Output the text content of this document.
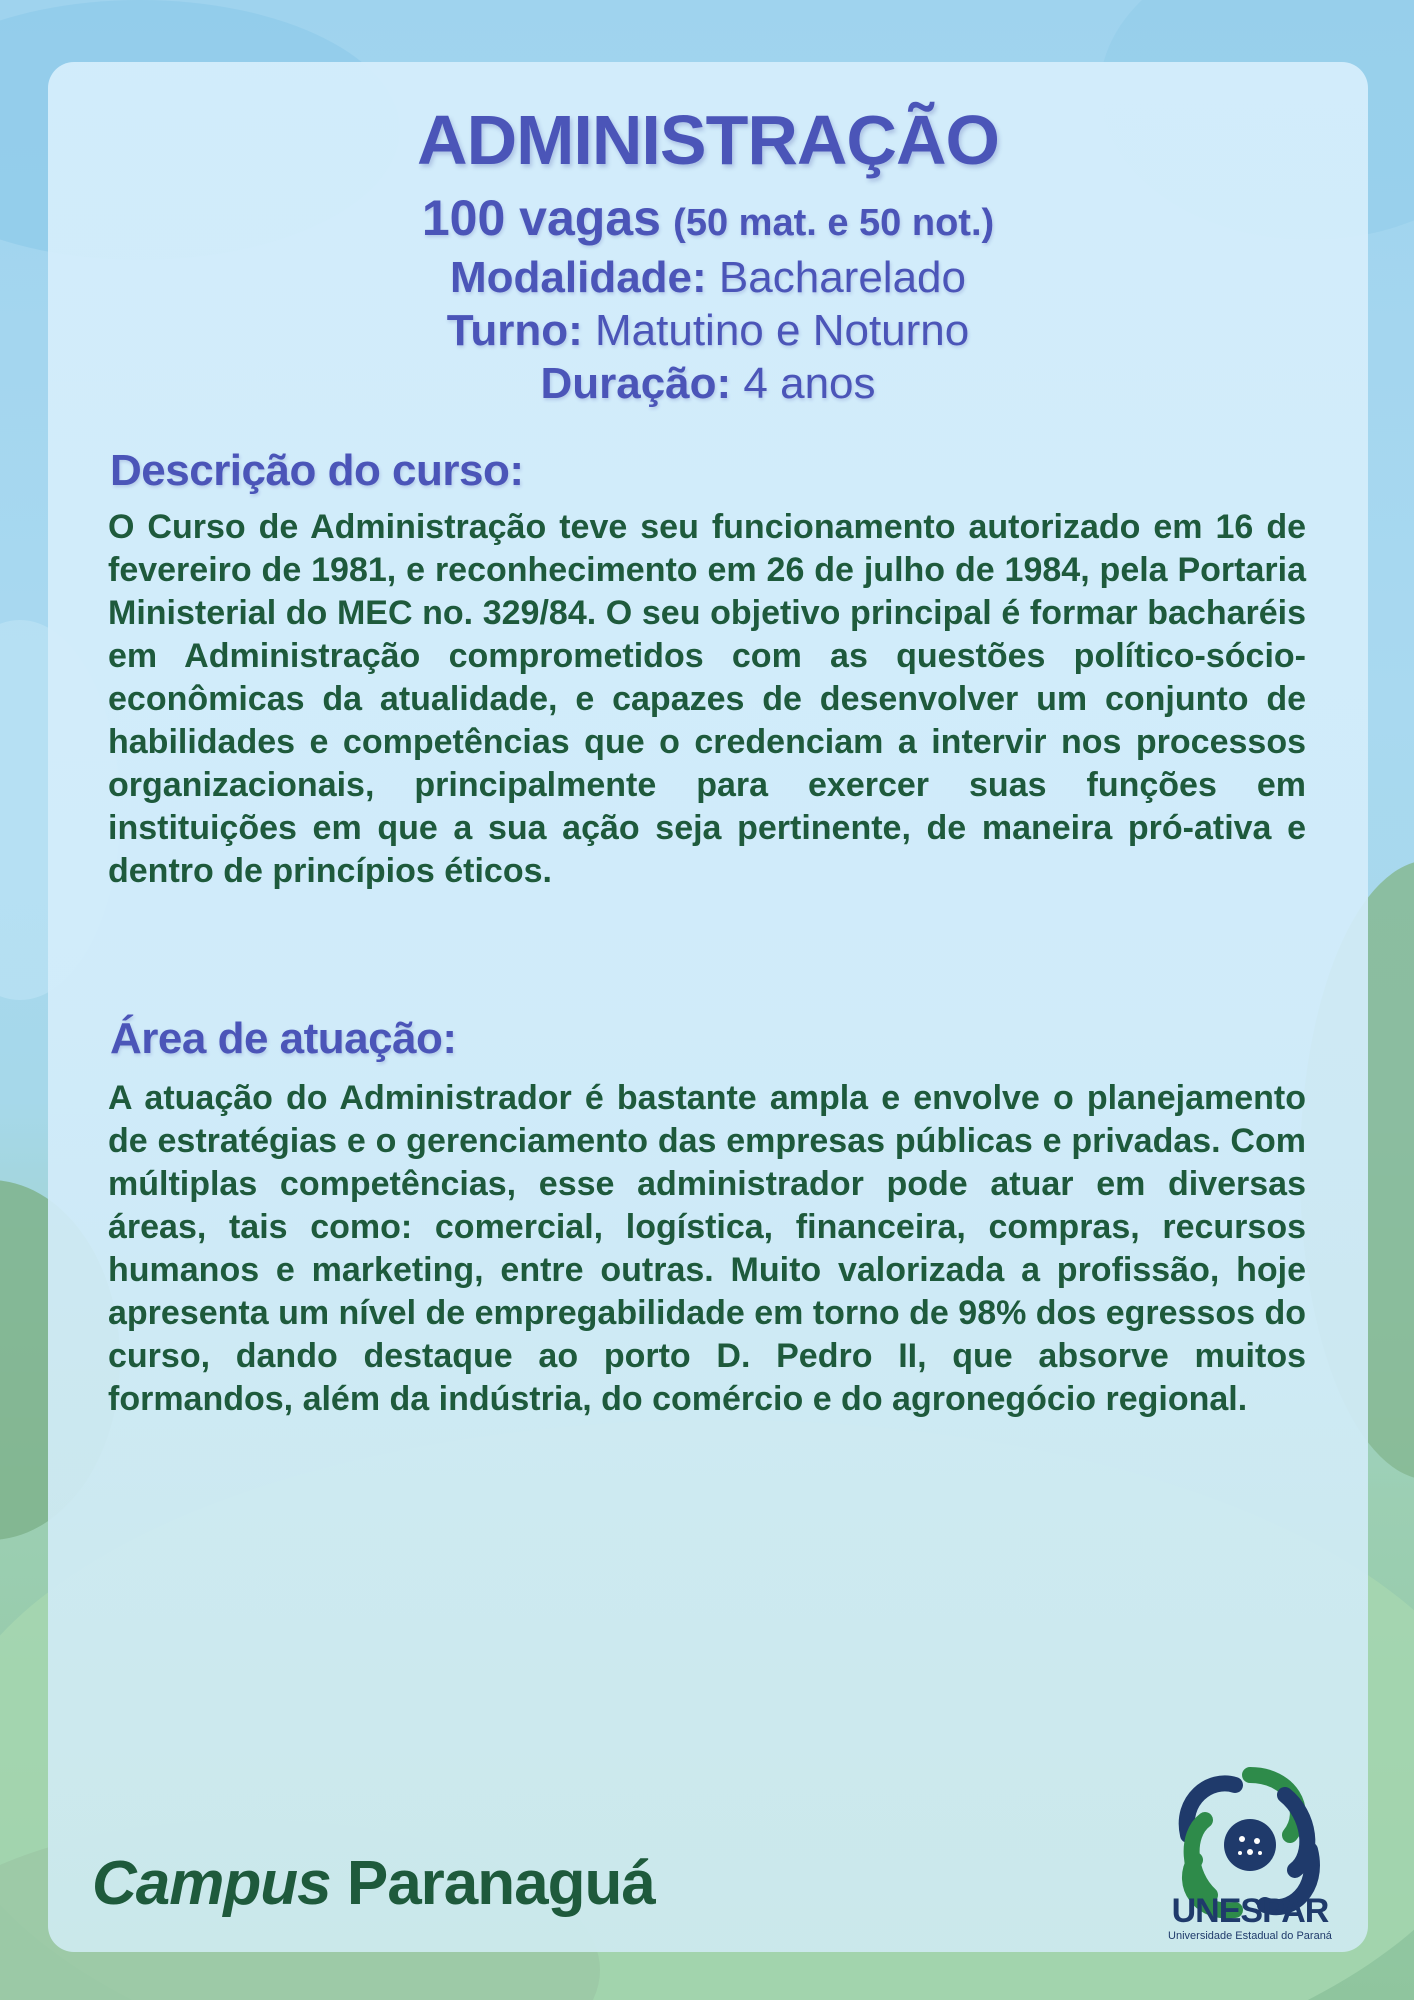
ADMINISTRAÇÃO
100 vagas (50 mat. e 50 not.)
Modalidade: Bacharelado
Turno: Matutino e Noturno
Duração: 4 anos
Descrição do curso:
O Curso de Administração teve seu funcionamento autorizado em 16 de fevereiro de 1981, e reconhecimento em 26 de julho de 1984, pela Portaria Ministerial do MEC no. 329/84. O seu objetivo principal é formar bacharéis em Administração comprometidos com as questões político-sócio-econômicas da atualidade, e capazes de desenvolver um conjunto de habilidades e competências que o credenciam a intervir nos processos organizacionais, principalmente para exercer suas funções em instituições em que a sua ação seja pertinente, de maneira pró-ativa e dentro de princípios éticos.
Área de atuação:
A atuação do Administrador é bastante ampla e envolve o planejamento de estratégias e o gerenciamento das empresas públicas e privadas. Com múltiplas competências, esse administrador pode atuar em diversas áreas, tais como: comercial, logística, financeira, compras, recursos humanos e marketing, entre outras. Muito valorizada a profissão, hoje apresenta um nível de empregabilidade em torno de 98% dos egressos do curso, dando destaque ao porto D. Pedro II, que absorve muitos formandos, além da indústria, do comércio e do agronegócio regional.
Campus Paranaguá	UNESPAR
Universidade Estadual do Paraná
